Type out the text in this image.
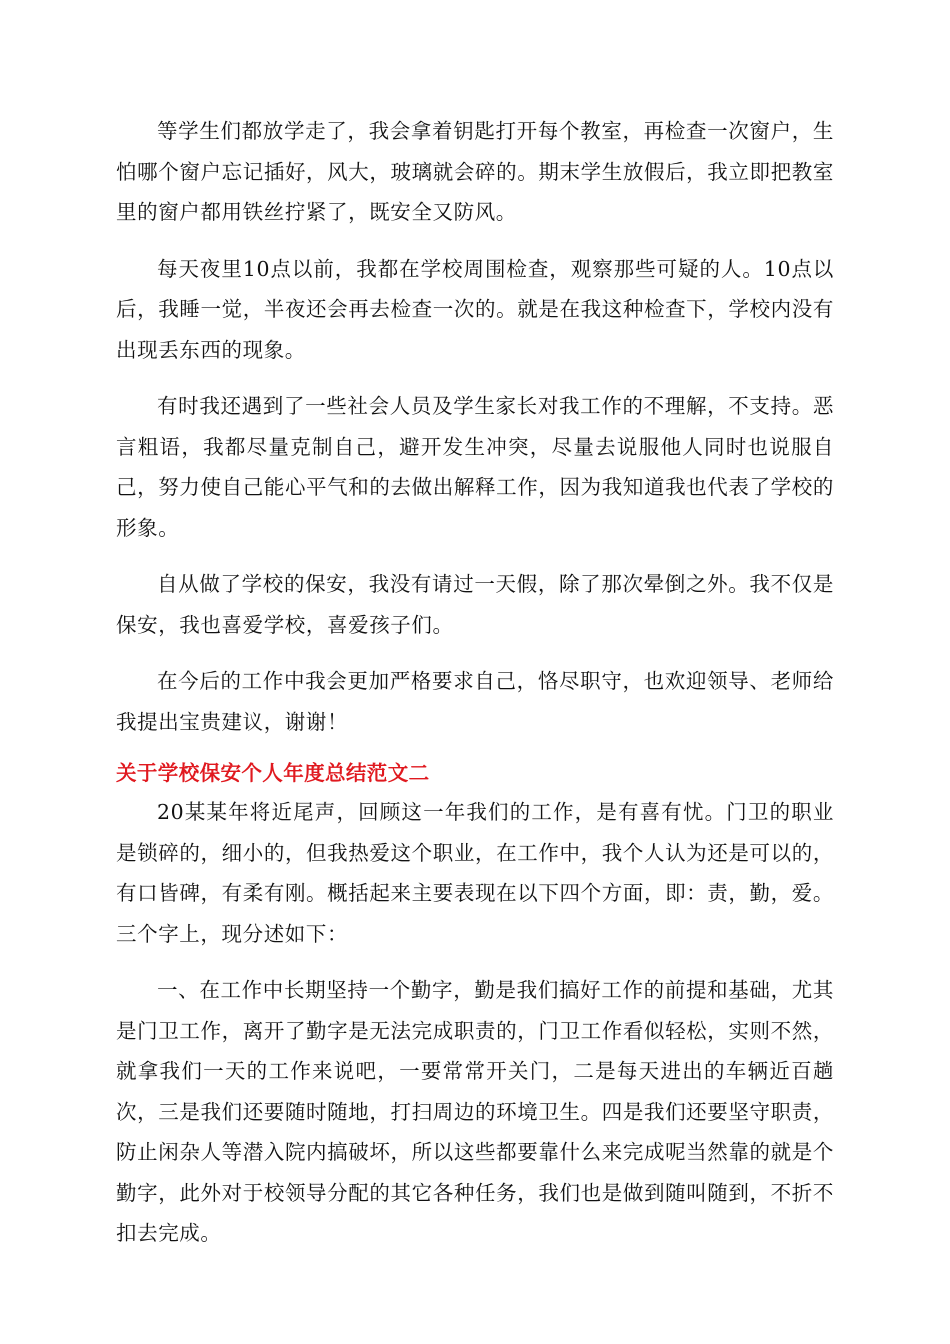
等学生们都放学走了，我会拿着钥匙打开每个教室，再检查一次窗户，生怕哪个窗户忘记插好，风大，玻璃就会碎的。期末学生放假后，我立即把教室里的窗户都用铁丝拧紧了，既安全又防风。

每天夜里10点以前，我都在学校周围检查，观察那些可疑的人。10点以后，我睡一觉，半夜还会再去检查一次的。就是在我这种检查下，学校内没有出现丢东西的现象。

有时我还遇到了一些社会人员及学生家长对我工作的不理解，不支持。恶言粗语，我都尽量克制自己，避开发生冲突，尽量去说服他人同时也说服自己，努力使自己能心平气和的去做出解释工作，因为我知道我也代表了学校的形象。

自从做了学校的保安，我没有请过一天假，除了那次晕倒之外。我不仅是保安，我也喜爱学校，喜爱孩子们。

在今后的工作中我会更加严格要求自己，恪尽职守，也欢迎领导、老师给我提出宝贵建议，谢谢！

关于学校保安个人年度总结范文二

20某某年将近尾声，回顾这一年我们的工作，是有喜有忧。门卫的职业是锁碎的，细小的，但我热爱这个职业，在工作中，我个人认为还是可以的，有口皆碑，有柔有刚。概括起来主要表现在以下四个方面，即：责，勤，爱。三个字上，现分述如下：

一、在工作中长期坚持一个勤字，勤是我们搞好工作的前提和基础，尤其是门卫工作，离开了勤字是无法完成职责的，门卫工作看似轻松，实则不然，就拿我们一天的工作来说吧，一要常常开关门，二是每天进出的车辆近百趟次，三是我们还要随时随地，打扫周边的环境卫生。四是我们还要坚守职责，防止闲杂人等潜入院内搞破坏，所以这些都要靠什么来完成呢当然靠的就是个勤字，此外对于校领导分配的其它各种任务，我们也是做到随叫随到，不折不扣去完成。
